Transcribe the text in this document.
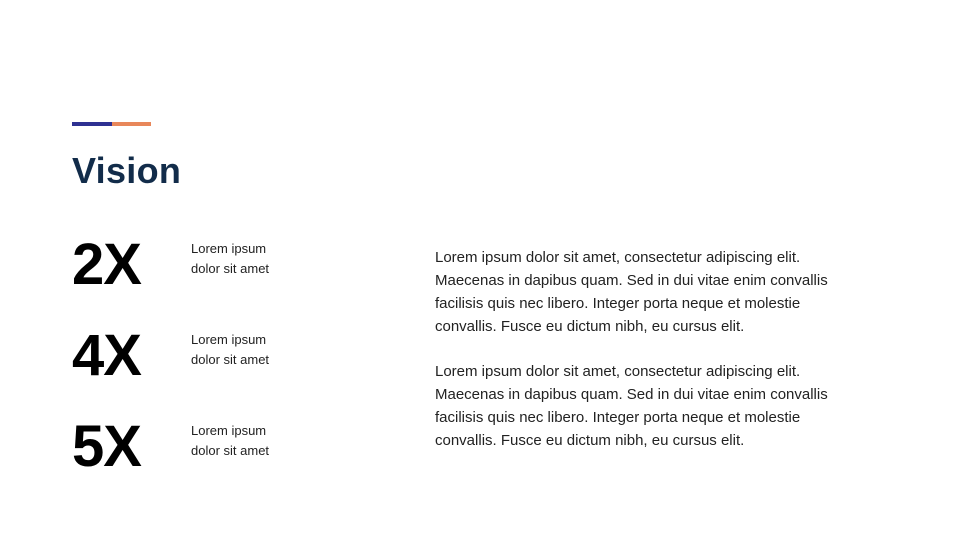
Vision
2X	Lorem ipsum
dolor sit amet
4X	Lorem ipsum
dolor sit amet
5X	Lorem ipsum
dolor sit amet

Lorem ipsum dolor sit amet, consectetur adipiscing elit. Maecenas in dapibus quam. Sed in dui vitae enim convallis facilisis quis nec libero. Integer porta neque et molestie convallis. Fusce eu dictum nibh, eu cursus elit.

Lorem ipsum dolor sit amet, consectetur adipiscing elit. Maecenas in dapibus quam. Sed in dui vitae enim convallis facilisis quis nec libero. Integer porta neque et molestie convallis. Fusce eu dictum nibh, eu cursus elit.
